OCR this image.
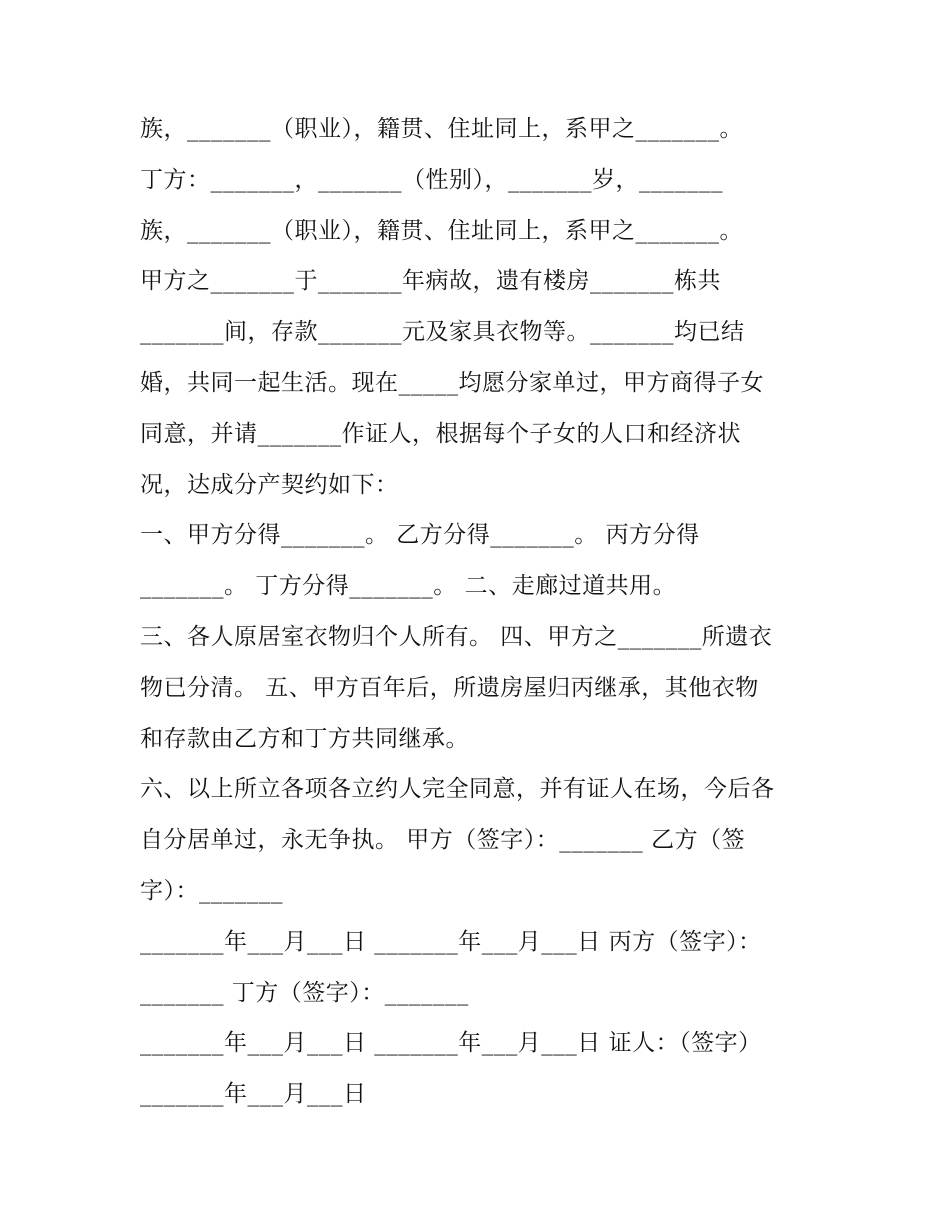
族，_______（职业），籍贯、住址同上，系甲之_______。
丁方：_______，_______（性别），_______岁，_______
族，_______（职业），籍贯、住址同上，系甲之_______。
甲方之_______于_______年病故，遗有楼房_______栋共
_______间，存款_______元及家具衣物等。_______均已结
婚，共同一起生活。现在_____均愿分家单过，甲方商得子女
同意，并请_______作证人，根据每个子女的人口和经济状
况，达成分产契约如下：
一、甲方分得_______。 乙方分得_______。 丙方分得
_______。 丁方分得_______。 二、走廊过道共用。
三、各人原居室衣物归个人所有。 四、甲方之_______所遗衣
物已分清。 五、甲方百年后，所遗房屋归丙继承，其他衣物
和存款由乙方和丁方共同继承。
六、以上所立各项各立约人完全同意，并有证人在场，今后各
自分居单过，永无争执。 甲方（签字）：_______ 乙方（签
字）：_______
_______年___月___日 _______年___月___日 丙方（签字）：
_______ 丁方（签字）：_______
_______年___月___日 _______年___月___日 证人：（签字）
_______年___月___日
